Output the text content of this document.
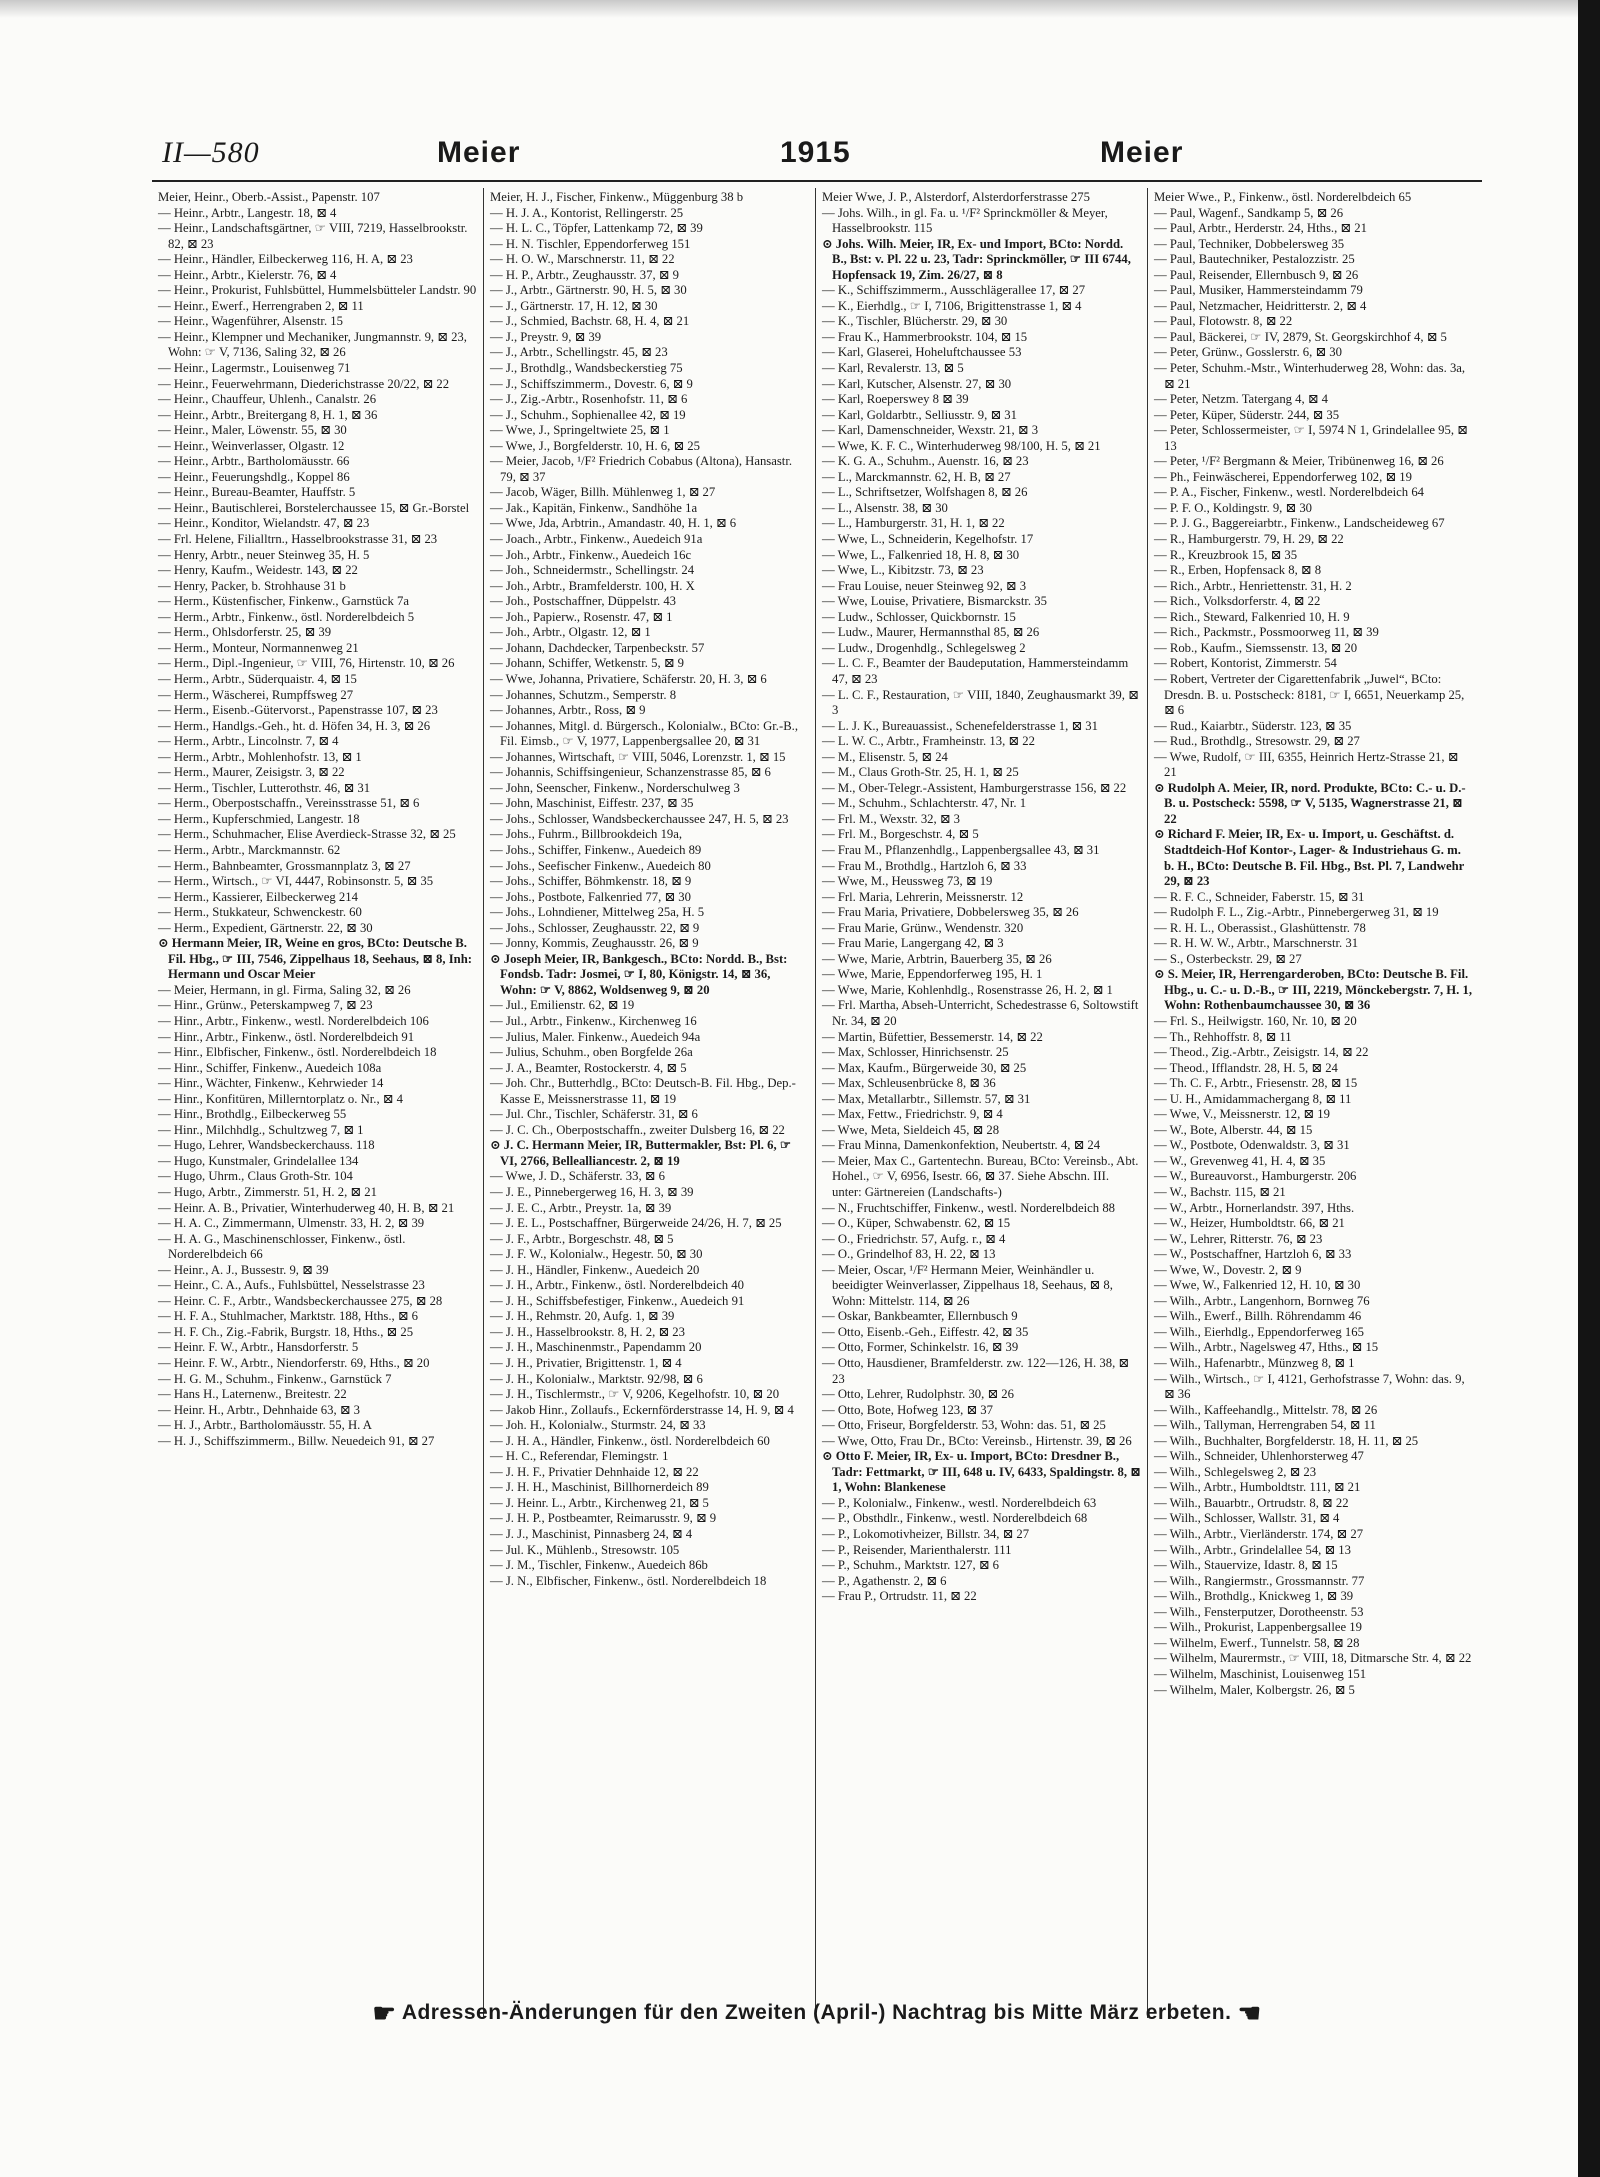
II—580	Meier	1915	Meier
Meier, Heinr., Oberb.-Assist., Papenstr. 107
— Heinr., Arbtr., Langestr. 18, ⊠ 4
— Heinr., Landschaftsgärtner, ☞ VIII, 7219, Hasselbrookstr. 82, ⊠ 23
— Heinr., Händler, Eilbeckerweg 116, H. A, ⊠ 23
— Heinr., Arbtr., Kielerstr. 76, ⊠ 4
— Heinr., Prokurist, Fuhlsbüttel, Hummelsbütteler Landstr. 90
— Heinr., Ewerf., Herrengraben 2, ⊠ 11
— Heinr., Wagenführer, Alsenstr. 15
— Heinr., Klempner und Mechaniker, Jungmannstr. 9, ⊠ 23, Wohn: ☞ V, 7136, Saling 32, ⊠ 26
— Heinr., Lagermstr., Louisenweg 71
— Heinr., Feuerwehrmann, Diederichstrasse 20/22, ⊠ 22
— Heinr., Chauffeur, Uhlenh., Canalstr. 26
— Heinr., Arbtr., Breitergang 8, H. 1, ⊠ 36
— Heinr., Maler, Löwenstr. 55, ⊠ 30
— Heinr., Weinverlasser, Olgastr. 12
— Heinr., Arbtr., Bartholomäusstr. 66
— Heinr., Feuerungshdlg., Koppel 86
— Heinr., Bureau-Beamter, Hauffstr. 5
— Heinr., Bautischlerei, Borstelerchaussee 15, ⊠ Gr.-Borstel
— Heinr., Konditor, Wielandstr. 47, ⊠ 23
— Frl. Helene, Filialltrn., Hasselbrookstrasse 31, ⊠ 23
— Henry, Arbtr., neuer Steinweg 35, H. 5
— Henry, Kaufm., Weidestr. 143, ⊠ 22
— Henry, Packer, b. Strohhause 31 b
— Herm., Küstenfischer, Finkenw., Garnstück 7a
— Herm., Arbtr., Finkenw., östl. Norderelbdeich 5
— Herm., Ohlsdorferstr. 25, ⊠ 39
— Herm., Monteur, Normannenweg 21
— Herm., Dipl.-Ingenieur, ☞ VIII, 76, Hirtenstr. 10, ⊠ 26
— Herm., Arbtr., Süderquaistr. 4, ⊠ 15
— Herm., Wäscherei, Rumpffsweg 27
— Herm., Eisenb.-Gütervorst., Papenstrasse 107, ⊠ 23
— Herm., Handlgs.-Geh., ht. d. Höfen 34, H. 3, ⊠ 26
— Herm., Arbtr., Lincolnstr. 7, ⊠ 4
— Herm., Arbtr., Mohlenhofstr. 13, ⊠ 1
— Herm., Maurer, Zeisigstr. 3, ⊠ 22
— Herm., Tischler, Lutterothstr. 46, ⊠ 31
— Herm., Oberpostschaffn., Vereinsstrasse 51, ⊠ 6
— Herm., Kupferschmied, Langestr. 18
— Herm., Schuhmacher, Elise Averdieck-Strasse 32, ⊠ 25
— Herm., Arbtr., Marckmannstr. 62
— Herm., Bahnbeamter, Grossmannplatz 3, ⊠ 27
— Herm., Wirtsch., ☞ VI, 4447, Robinsonstr. 5, ⊠ 35
— Herm., Kassierer, Eilbeckerweg 214
— Herm., Stukkateur, Schwenckestr. 60
— Herm., Expedient, Gärtnerstr. 22, ⊠ 30
⊙ Hermann Meier, IR, Weine en gros, BCto: Deutsche B. Fil. Hbg., ☞ III, 7546, Zippelhaus 18, Seehaus, ⊠ 8, Inh: Hermann und Oscar Meier
— Meier, Hermann, in gl. Firma, Saling 32, ⊠ 26
— Hinr., Grünw., Peterskampweg 7, ⊠ 23
— Hinr., Arbtr., Finkenw., westl. Norderelbdeich 106
— Hinr., Arbtr., Finkenw., östl. Norderelbdeich 91
— Hinr., Elbfischer, Finkenw., östl. Norderelbdeich 18
— Hinr., Schiffer, Finkenw., Auedeich 108a
— Hinr., Wächter, Finkenw., Kehrwieder 14
— Hinr., Konfitüren, Millerntorplatz o. Nr., ⊠ 4
— Hinr., Brothdlg., Eilbeckerweg 55
— Hinr., Milchhdlg., Schultzweg 7, ⊠ 1
— Hugo, Lehrer, Wandsbeckerchauss. 118
— Hugo, Kunstmaler, Grindelallee 134
— Hugo, Uhrm., Claus Groth-Str. 104
— Hugo, Arbtr., Zimmerstr. 51, H. 2, ⊠ 21
— Heinr. A. B., Privatier, Winterhuderweg 40, H. B, ⊠ 21
— H. A. C., Zimmermann, Ulmenstr. 33, H. 2, ⊠ 39
— H. A. G., Maschinenschlosser, Finkenw., östl. Norderelbdeich 66
— Heinr., A. J., Bussestr. 9, ⊠ 39
— Heinr., C. A., Aufs., Fuhlsbüttel, Nesselstrasse 23
— Heinr. C. F., Arbtr., Wandsbeckerchaussee 275, ⊠ 28
— H. F. A., Stuhlmacher, Marktstr. 188, Hths., ⊠ 6
— H. F. Ch., Zig.-Fabrik, Burgstr. 18, Hths., ⊠ 25
— Heinr. F. W., Arbtr., Hansdorferstr. 5
— Heinr. F. W., Arbtr., Niendorferstr. 69, Hths., ⊠ 20
— H. G. M., Schuhm., Finkenw., Garnstück 7
— Hans H., Laternenw., Breitestr. 22
— Heinr. H., Arbtr., Dehnhaide 63, ⊠ 3
— H. J., Arbtr., Bartholomäusstr. 55, H. A
— H. J., Schiffszimmerm., Billw. Neuedeich 91, ⊠ 27
Meier, H. J., Fischer, Finkenw., Müggenburg 38 b
— H. J. A., Kontorist, Rellingerstr. 25
— H. L. C., Töpfer, Lattenkamp 72, ⊠ 39
— H. N. Tischler, Eppendorferweg 151
— H. O. W., Marschnerstr. 11, ⊠ 22
— H. P., Arbtr., Zeughausstr. 37, ⊠ 9
— J., Arbtr., Gärtnerstr. 90, H. 5, ⊠ 30
— J., Gärtnerstr. 17, H. 12, ⊠ 30
— J., Schmied, Bachstr. 68, H. 4, ⊠ 21
— J., Preystr. 9, ⊠ 39
— J., Arbtr., Schellingstr. 45, ⊠ 23
— J., Brothdlg., Wandsbeckerstieg 75
— J., Schiffszimmerm., Dovestr. 6, ⊠ 9
— J., Zig.-Arbtr., Rosenhofstr. 11, ⊠ 6
— J., Schuhm., Sophienallee 42, ⊠ 19
— Wwe, J., Springeltwiete 25, ⊠ 1
— Wwe, J., Borgfelderstr. 10, H. 6, ⊠ 25
— Meier, Jacob, ¹/F² Friedrich Cobabus (Altona), Hansastr. 79, ⊠ 37
— Jacob, Wäger, Billh. Mühlenweg 1, ⊠ 27
— Jak., Kapitän, Finkenw., Sandhöhe 1a
— Wwe, Jda, Arbtrin., Amandastr. 40, H. 1, ⊠ 6
— Joach., Arbtr., Finkenw., Auedeich 91a
— Joh., Arbtr., Finkenw., Auedeich 16c
— Joh., Schneidermstr., Schellingstr. 24
— Joh., Arbtr., Bramfelderstr. 100, H. X
— Joh., Postschaffner, Düppelstr. 43
— Joh., Papierw., Rosenstr. 47, ⊠ 1
— Joh., Arbtr., Olgastr. 12, ⊠ 1
— Johann, Dachdecker, Tarpenbeckstr. 57
— Johann, Schiffer, Wetkenstr. 5, ⊠ 9
— Wwe, Johanna, Privatiere, Schäferstr. 20, H. 3, ⊠ 6
— Johannes, Schutzm., Semperstr. 8
— Johannes, Arbtr., Ross, ⊠ 9
— Johannes, Mitgl. d. Bürgersch., Kolonialw., BCto: Gr.-B., Fil. Eimsb., ☞ V, 1977, Lappenbergsallee 20, ⊠ 31
— Johannes, Wirtschaft, ☞ VIII, 5046, Lorenzstr. 1, ⊠ 15
— Johannis, Schiffsingenieur, Schanzenstrasse 85, ⊠ 6
— John, Seenscher, Finkenw., Norderschulweg 3
— John, Maschinist, Eiffestr. 237, ⊠ 35
— Johs., Schlosser, Wandsbeckerchaussee 247, H. 5, ⊠ 23
— Johs., Fuhrm., Billbrookdeich 19a,
— Johs., Schiffer, Finkenw., Auedeich 89
— Johs., Seefischer Finkenw., Auedeich 80
— Johs., Schiffer, Böhmkenstr. 18, ⊠ 9
— Johs., Postbote, Falkenried 77, ⊠ 30
— Johs., Lohndiener, Mittelweg 25a, H. 5
— Johs., Schlosser, Zeughausstr. 22, ⊠ 9
— Jonny, Kommis, Zeughausstr. 26, ⊠ 9
⊙ Joseph Meier, IR, Bankgesch., BCto: Nordd. B., Bst: Fondsb. Tadr: Josmei, ☞ I, 80, Königstr. 14, ⊠ 36, Wohn: ☞ V, 8862, Woldsenweg 9, ⊠ 20
— Jul., Emilienstr. 62, ⊠ 19
— Jul., Arbtr., Finkenw., Kirchenweg 16
— Julius, Maler. Finkenw., Auedeich 94a
— Julius, Schuhm., oben Borgfelde 26a
— J. A., Beamter, Rostockerstr. 4, ⊠ 5
— Joh. Chr., Butterhdlg., BCto: Deutsch-B. Fil. Hbg., Dep.-Kasse E, Meissnerstrasse 11, ⊠ 19
— Jul. Chr., Tischler, Schäferstr. 31, ⊠ 6
— J. C. Ch., Oberpostschaffn., zweiter Dulsberg 16, ⊠ 22
⊙ J. C. Hermann Meier, IR, Buttermakler, Bst: Pl. 6, ☞ VI, 2766, Bellealliancestr. 2, ⊠ 19
— Wwe, J. D., Schäferstr. 33, ⊠ 6
— J. E., Pinnebergerweg 16, H. 3, ⊠ 39
— J. E. C., Arbtr., Preystr. 1a, ⊠ 39
— J. E. L., Postschaffner, Bürgerweide 24/26, H. 7, ⊠ 25
— J. F., Arbtr., Borgeschstr. 48, ⊠ 5
— J. F. W., Kolonialw., Hegestr. 50, ⊠ 30
— J. H., Händler, Finkenw., Auedeich 20
— J. H., Arbtr., Finkenw., östl. Norderelbdeich 40
— J. H., Schiffsbefestiger, Finkenw., Auedeich 91
— J. H., Rehmstr. 20, Aufg. 1, ⊠ 39
— J. H., Hasselbrookstr. 8, H. 2, ⊠ 23
— J. H., Maschinenmstr., Papendamm 20
— J. H., Privatier, Brigittenstr. 1, ⊠ 4
— J. H., Kolonialw., Marktstr. 92/98, ⊠ 6
— J. H., Tischlermstr., ☞ V, 9206, Kegelhofstr. 10, ⊠ 20
— Jakob Hinr., Zollaufs., Eckernförderstrasse 14, H. 9, ⊠ 4
— Joh. H., Kolonialw., Sturmstr. 24, ⊠ 33
— J. H. A., Händler, Finkenw., östl. Norderelbdeich 60
— H. C., Referendar, Flemingstr. 1
— J. H. F., Privatier Dehnhaide 12, ⊠ 22
— J. H. H., Maschinist, Billhornerdeich 89
— J. Heinr. L., Arbtr., Kirchenweg 21, ⊠ 5
— J. H. P., Postbeamter, Reimarusstr. 9, ⊠ 9
— J. J., Maschinist, Pinnasberg 24, ⊠ 4
— Jul. K., Mühlenb., Stresowstr. 105
— J. M., Tischler, Finkenw., Auedeich 86b
— J. N., Elbfischer, Finkenw., östl. Norderelbdeich 18
Meier Wwe, J. P., Alsterdorf, Alsterdorferstrasse 275
— Johs. Wilh., in gl. Fa. u. ¹/F² Sprinckmöller & Meyer, Hasselbrookstr. 115
⊙ Johs. Wilh. Meier, IR, Ex- und Import, BCto: Nordd. B., Bst: v. Pl. 22 u. 23, Tadr: Sprinckmöller, ☞ III 6744, Hopfensack 19, Zim. 26/27, ⊠ 8
— K., Schiffszimmerm., Ausschlägerallee 17, ⊠ 27
— K., Eierhdlg., ☞ I, 7106, Brigittenstrasse 1, ⊠ 4
— K., Tischler, Blücherstr. 29, ⊠ 30
— Frau K., Hammerbrookstr. 104, ⊠ 15
— Karl, Glaserei, Hoheluftchaussee 53
— Karl, Revalerstr. 13, ⊠ 5
— Karl, Kutscher, Alsenstr. 27, ⊠ 30
— Karl, Roeperswey 8 ⊠ 39
— Karl, Goldarbtr., Selliusstr. 9, ⊠ 31
— Karl, Damenschneider, Wexstr. 21, ⊠ 3
— Wwe, K. F. C., Winterhuderweg 98/100, H. 5, ⊠ 21
— K. G. A., Schuhm., Auenstr. 16, ⊠ 23
— L., Marckmannstr. 62, H. B, ⊠ 27
— L., Schriftsetzer, Wolfshagen 8, ⊠ 26
— L., Alsenstr. 38, ⊠ 30
— L., Hamburgerstr. 31, H. 1, ⊠ 22
— Wwe, L., Schneiderin, Kegelhofstr. 17
— Wwe, L., Falkenried 18, H. 8, ⊠ 30
— Wwe, L., Kibitzstr. 73, ⊠ 23
— Frau Louise, neuer Steinweg 92, ⊠ 3
— Wwe, Louise, Privatiere, Bismarckstr. 35
— Ludw., Schlosser, Quickbornstr. 15
— Ludw., Maurer, Hermannsthal 85, ⊠ 26
— Ludw., Drogenhdlg., Schlegelsweg 2
— L. C. F., Beamter der Baudeputation, Hammersteindamm 47, ⊠ 23
— L. C. F., Restauration, ☞ VIII, 1840, Zeughausmarkt 39, ⊠ 3
— L. J. K., Bureauassist., Schenefelderstrasse 1, ⊠ 31
— L. W. C., Arbtr., Framheinstr. 13, ⊠ 22
— M., Elisenstr. 5, ⊠ 24
— M., Claus Groth-Str. 25, H. 1, ⊠ 25
— M., Ober-Telegr.-Assistent, Hamburgerstrasse 156, ⊠ 22
— M., Schuhm., Schlachterstr. 47, Nr. 1
— Frl. M., Wexstr. 32, ⊠ 3
— Frl. M., Borgeschstr. 4, ⊠ 5
— Frau M., Pflanzenhdlg., Lappenbergsallee 43, ⊠ 31
— Frau M., Brothdlg., Hartzloh 6, ⊠ 33
— Wwe, M., Heussweg 73, ⊠ 19
— Frl. Maria, Lehrerin, Meissnerstr. 12
— Frau Maria, Privatiere, Dobbelersweg 35, ⊠ 26
— Frau Marie, Grünw., Wendenstr. 320
— Frau Marie, Langergang 42, ⊠ 3
— Wwe, Marie, Arbtrin, Bauerberg 35, ⊠ 26
— Wwe, Marie, Eppendorferweg 195, H. 1
— Wwe, Marie, Kohlenhdlg., Rosenstrasse 26, H. 2, ⊠ 1
— Frl. Martha, Abseh-Unterricht, Schedestrasse 6, Soltowstift Nr. 34, ⊠ 20
— Martin, Büfettier, Bessemerstr. 14, ⊠ 22
— Max, Schlosser, Hinrichsenstr. 25
— Max, Kaufm., Bürgerweide 30, ⊠ 25
— Max, Schleusenbrücke 8, ⊠ 36
— Max, Metallarbtr., Sillemstr. 57, ⊠ 31
— Max, Fettw., Friedrichstr. 9, ⊠ 4
— Wwe, Meta, Sieldeich 45, ⊠ 28
— Frau Minna, Damenkonfektion, Neubertstr. 4, ⊠ 24
— Meier, Max C., Gartentechn. Bureau, BCto: Vereinsb., Abt. Hohel., ☞ V, 6956, Isestr. 66, ⊠ 37. Siehe Abschn. III. unter: Gärtnereien (Landschafts-)
— N., Fruchtschiffer, Finkenw., westl. Norderelbdeich 88
— O., Küper, Schwabenstr. 62, ⊠ 15
— O., Friedrichstr. 57, Aufg. r., ⊠ 4
— O., Grindelhof 83, H. 22, ⊠ 13
— Meier, Oscar, ¹/F² Hermann Meier, Weinhändler u. beeidigter Weinverlasser, Zippelhaus 18, Seehaus, ⊠ 8, Wohn: Mittelstr. 114, ⊠ 26
— Oskar, Bankbeamter, Ellernbusch 9
— Otto, Eisenb.-Geh., Eiffestr. 42, ⊠ 35
— Otto, Former, Schinkelstr. 16, ⊠ 39
— Otto, Hausdiener, Bramfelderstr. zw. 122—126, H. 38, ⊠ 23
— Otto, Lehrer, Rudolphstr. 30, ⊠ 26
— Otto, Bote, Hofweg 123, ⊠ 37
— Otto, Friseur, Borgfelderstr. 53, Wohn: das. 51, ⊠ 25
— Wwe, Otto, Frau Dr., BCto: Vereinsb., Hirtenstr. 39, ⊠ 26
⊙ Otto F. Meier, IR, Ex- u. Import, BCto: Dresdner B., Tadr: Fettmarkt, ☞ III, 648 u. IV, 6433, Spaldingstr. 8, ⊠ 1, Wohn: Blankenese
— P., Kolonialw., Finkenw., westl. Norderelbdeich 63
— P., Obsthdlr., Finkenw., westl. Norderelbdeich 68
— P., Lokomotivheizer, Billstr. 34, ⊠ 27
— P., Reisender, Marienthalerstr. 111
— P., Schuhm., Marktstr. 127, ⊠ 6
— P., Agathenstr. 2, ⊠ 6
— Frau P., Ortrudstr. 11, ⊠ 22
Meier Wwe., P., Finkenw., östl. Norderelbdeich 65
— Paul, Wagenf., Sandkamp 5, ⊠ 26
— Paul, Arbtr., Herderstr. 24, Hths., ⊠ 21
— Paul, Techniker, Dobbelersweg 35
— Paul, Bautechniker, Pestalozzistr. 25
— Paul, Reisender, Ellernbusch 9, ⊠ 26
— Paul, Musiker, Hammersteindamm 79
— Paul, Netzmacher, Heidritterstr. 2, ⊠ 4
— Paul, Flotowstr. 8, ⊠ 22
— Paul, Bäckerei, ☞ IV, 2879, St. Georgskirchhof 4, ⊠ 5
— Peter, Grünw., Gosslerstr. 6, ⊠ 30
— Peter, Schuhm.-Mstr., Winterhuderweg 28, Wohn: das. 3a, ⊠ 21
— Peter, Netzm. Tatergang 4, ⊠ 4
— Peter, Küper, Süderstr. 244, ⊠ 35
— Peter, Schlossermeister, ☞ I, 5974 N 1, Grindelallee 95, ⊠ 13
— Peter, ¹/F² Bergmann & Meier, Tribünenweg 16, ⊠ 26
— Ph., Feinwäscherei, Eppendorferweg 102, ⊠ 19
— P. A., Fischer, Finkenw., westl. Norderelbdeich 64
— P. F. O., Koldingstr. 9, ⊠ 30
— P. J. G., Baggereiarbtr., Finkenw., Landscheideweg 67
— R., Hamburgerstr. 79, H. 29, ⊠ 22
— R., Kreuzbrook 15, ⊠ 35
— R., Erben, Hopfensack 8, ⊠ 8
— Rich., Arbtr., Henriettenstr. 31, H. 2
— Rich., Volksdorferstr. 4, ⊠ 22
— Rich., Steward, Falkenried 10, H. 9
— Rich., Packmstr., Possmoorweg 11, ⊠ 39
— Rob., Kaufm., Siemssenstr. 13, ⊠ 20
— Robert, Kontorist, Zimmerstr. 54
— Robert, Vertreter der Cigarettenfabrik „Juwel“, BCto: Dresdn. B. u. Postscheck: 8181, ☞ I, 6651, Neuerkamp 25, ⊠ 6
— Rud., Kaiarbtr., Süderstr. 123, ⊠ 35
— Rud., Brothdlg., Stresowstr. 29, ⊠ 27
— Wwe, Rudolf, ☞ III, 6355, Heinrich Hertz-Strasse 21, ⊠ 21
⊙ Rudolph A. Meier, IR, nord. Produkte, BCto: C.- u. D.-B. u. Postscheck: 5598, ☞ V, 5135, Wagnerstrasse 21, ⊠ 22
⊙ Richard F. Meier, IR, Ex- u. Import, u. Geschäftst. d. Stadtdeich-Hof Kontor-, Lager- & Industriehaus G. m. b. H., BCto: Deutsche B. Fil. Hbg., Bst. Pl. 7, Landwehr 29, ⊠ 23
— R. F. C., Schneider, Faberstr. 15, ⊠ 31
— Rudolph F. L., Zig.-Arbtr., Pinnebergerweg 31, ⊠ 19
— R. H. L., Oberassist., Glashüttenstr. 78
— R. H. W. W., Arbtr., Marschnerstr. 31
— S., Osterbeckstr. 29, ⊠ 27
⊙ S. Meier, IR, Herrengarderoben, BCto: Deutsche B. Fil. Hbg., u. C.- u. D.-B., ☞ III, 2219, Mönckebergstr. 7, H. 1, Wohn: Rothenbaumchaussee 30, ⊠ 36
— Frl. S., Heilwigstr. 160, Nr. 10, ⊠ 20
— Th., Rehhoffstr. 8, ⊠ 11
— Theod., Zig.-Arbtr., Zeisigstr. 14, ⊠ 22
— Theod., Ifflandstr. 28, H. 5, ⊠ 24
— Th. C. F., Arbtr., Friesenstr. 28, ⊠ 15
— U. H., Amidammachergang 8, ⊠ 11
— Wwe, V., Meissnerstr. 12, ⊠ 19
— W., Bote, Alberstr. 44, ⊠ 15
— W., Postbote, Odenwaldstr. 3, ⊠ 31
— W., Grevenweg 41, H. 4, ⊠ 35
— W., Bureauvorst., Hamburgerstr. 206
— W., Bachstr. 115, ⊠ 21
— W., Arbtr., Hornerlandstr. 397, Hths.
— W., Heizer, Humboldtstr. 66, ⊠ 21
— W., Lehrer, Ritterstr. 76, ⊠ 23
— W., Postschaffner, Hartzloh 6, ⊠ 33
— Wwe, W., Dovestr. 2, ⊠ 9
— Wwe, W., Falkenried 12, H. 10, ⊠ 30
— Wilh., Arbtr., Langenhorn, Bornweg 76
— Wilh., Ewerf., Billh. Röhrendamm 46
— Wilh., Eierhdlg., Eppendorferweg 165
— Wilh., Arbtr., Nagelsweg 47, Hths., ⊠ 15
— Wilh., Hafenarbtr., Münzweg 8, ⊠ 1
— Wilh., Wirtsch., ☞ I, 4121, Gerhofstrasse 7, Wohn: das. 9, ⊠ 36
— Wilh., Kaffeehandlg., Mittelstr. 78, ⊠ 26
— Wilh., Tallyman, Herrengraben 54, ⊠ 11
— Wilh., Buchhalter, Borgfelderstr. 18, H. 11, ⊠ 25
— Wilh., Schneider, Uhlenhorsterweg 47
— Wilh., Schlegelsweg 2, ⊠ 23
— Wilh., Arbtr., Humboldtstr. 111, ⊠ 21
— Wilh., Bauarbtr., Ortrudstr. 8, ⊠ 22
— Wilh., Schlosser, Wallstr. 31, ⊠ 4
— Wilh., Arbtr., Vierländerstr. 174, ⊠ 27
— Wilh., Arbtr., Grindelallee 54, ⊠ 13
— Wilh., Stauervize, Idastr. 8, ⊠ 15
— Wilh., Rangiermstr., Grossmannstr. 77
— Wilh., Brothdlg., Knickweg 1, ⊠ 39
— Wilh., Fensterputzer, Dorotheenstr. 53
— Wilh., Prokurist, Lappenbergsallee 19
— Wilhelm, Ewerf., Tunnelstr. 58, ⊠ 28
— Wilhelm, Maurermstr., ☞ VIII, 18, Ditmarsche Str. 4, ⊠ 22
— Wilhelm, Maschinist, Louisenweg 151
— Wilhelm, Maler, Kolbergstr. 26, ⊠ 5
☛ Adressen-Änderungen für den Zweiten (April-) Nachtrag bis Mitte März erbeten. ☚
